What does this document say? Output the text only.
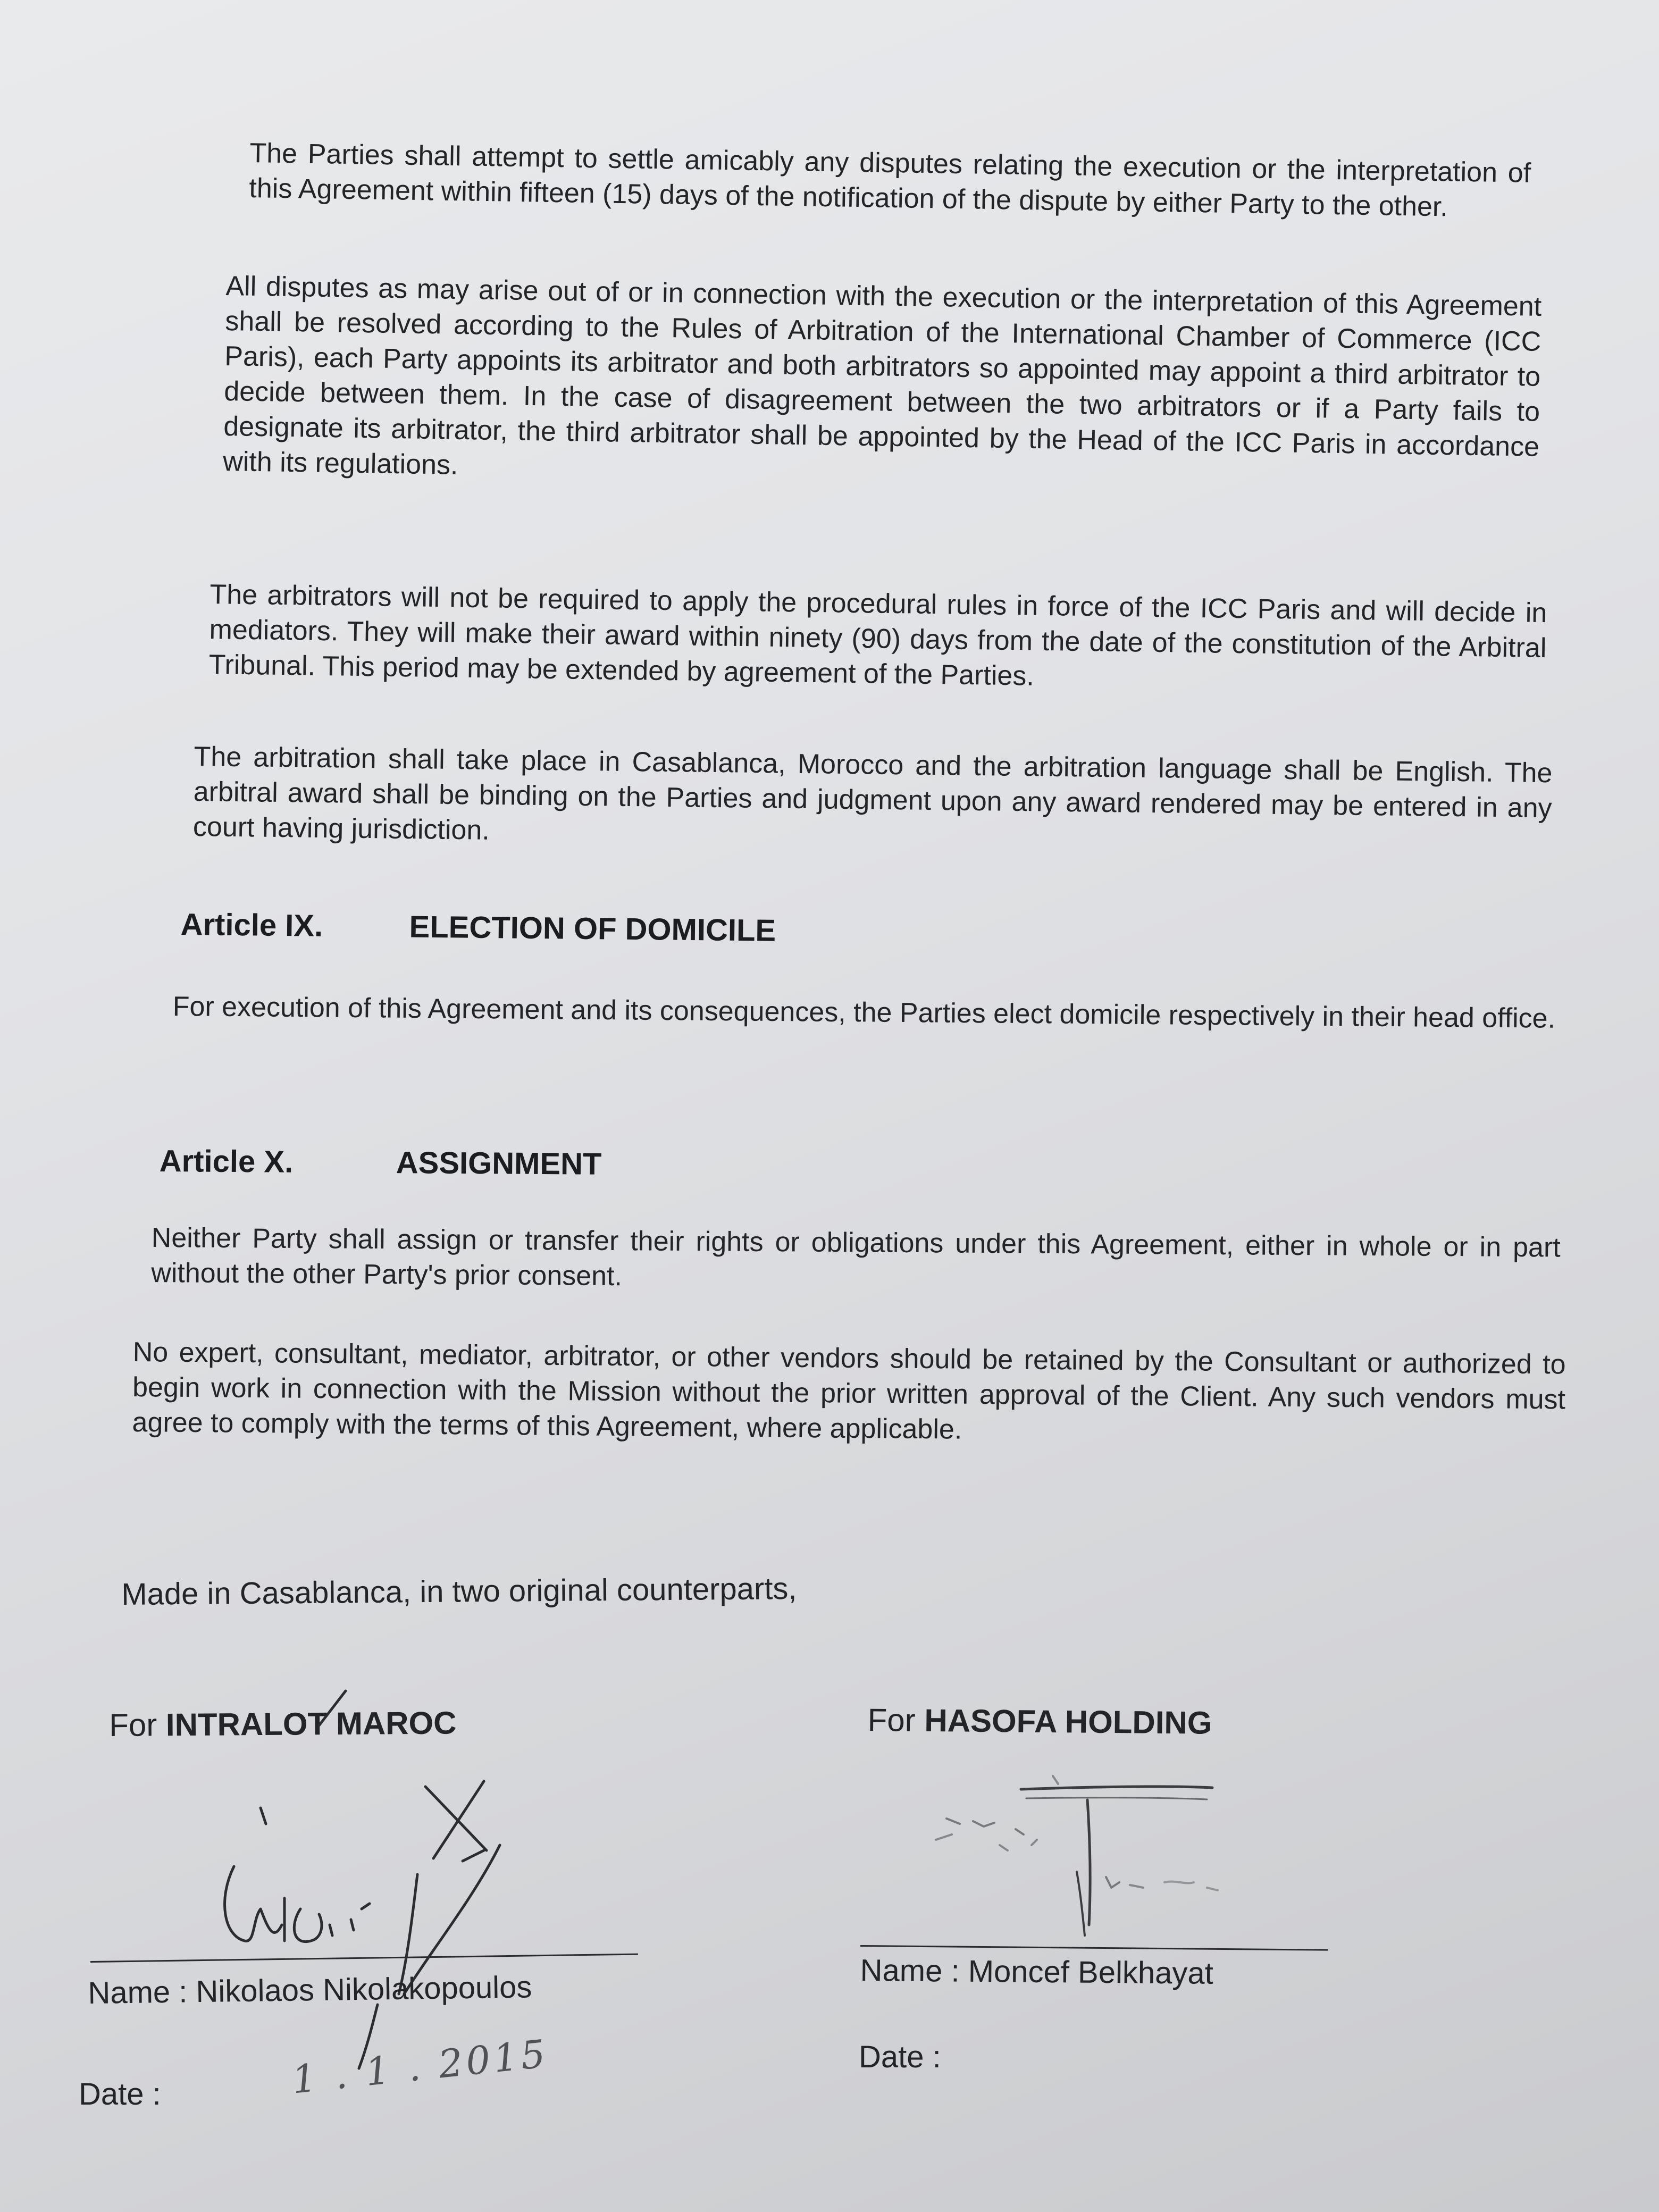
The Parties shall attempt to settle amicably any disputes relating the execution or the interpretation of this Agreement within fifteen (15) days of the notification of the dispute by either Party to the other.

All disputes as may arise out of or in connection with the execution or the interpretation of this Agreement shall be resolved according to the Rules of Arbitration of the International Chamber of Commerce (ICC Paris), each Party appoints its arbitrator and both arbitrators so appointed may appoint a third arbitrator to decide between them. In the case of disagreement between the two arbitrators or if a Party fails to designate its arbitrator, the third arbitrator shall be appointed by the Head of the ICC Paris in accordance with its regulations.

The arbitrators will not be required to apply the procedural rules in force of the ICC Paris and will decide in mediators. They will make their award within ninety (90) days from the date of the constitution of the Arbitral Tribunal. This period may be extended by agreement of the Parties.

The arbitration shall take place in Casablanca, Morocco and the arbitration language shall be English. The arbitral award shall be binding on the Parties and judgment upon any award rendered may be entered in any court having jurisdiction.

Article IX.	ELECTION OF DOMICILE

For execution of this Agreement and its consequences, the Parties elect domicile respectively in their head office.

Article X.	ASSIGNMENT

Neither Party shall assign or transfer their rights or obligations under this Agreement, either in whole or in part without the other Party's prior consent.

No expert, consultant, mediator, arbitrator, or other vendors should be retained by the Consultant or authorized to begin work in connection with the Mission without the prior written approval of the Client. Any such vendors must agree to comply with the terms of this Agreement, where applicable.

Made in Casablanca, in two original counterparts,
For INTRALOT MAROC
Name : Nikolaos Nikolakopoulos
Date :	1 . 1 . 2015
For HASOFA HOLDING
Name : Moncef Belkhayat
Date :
